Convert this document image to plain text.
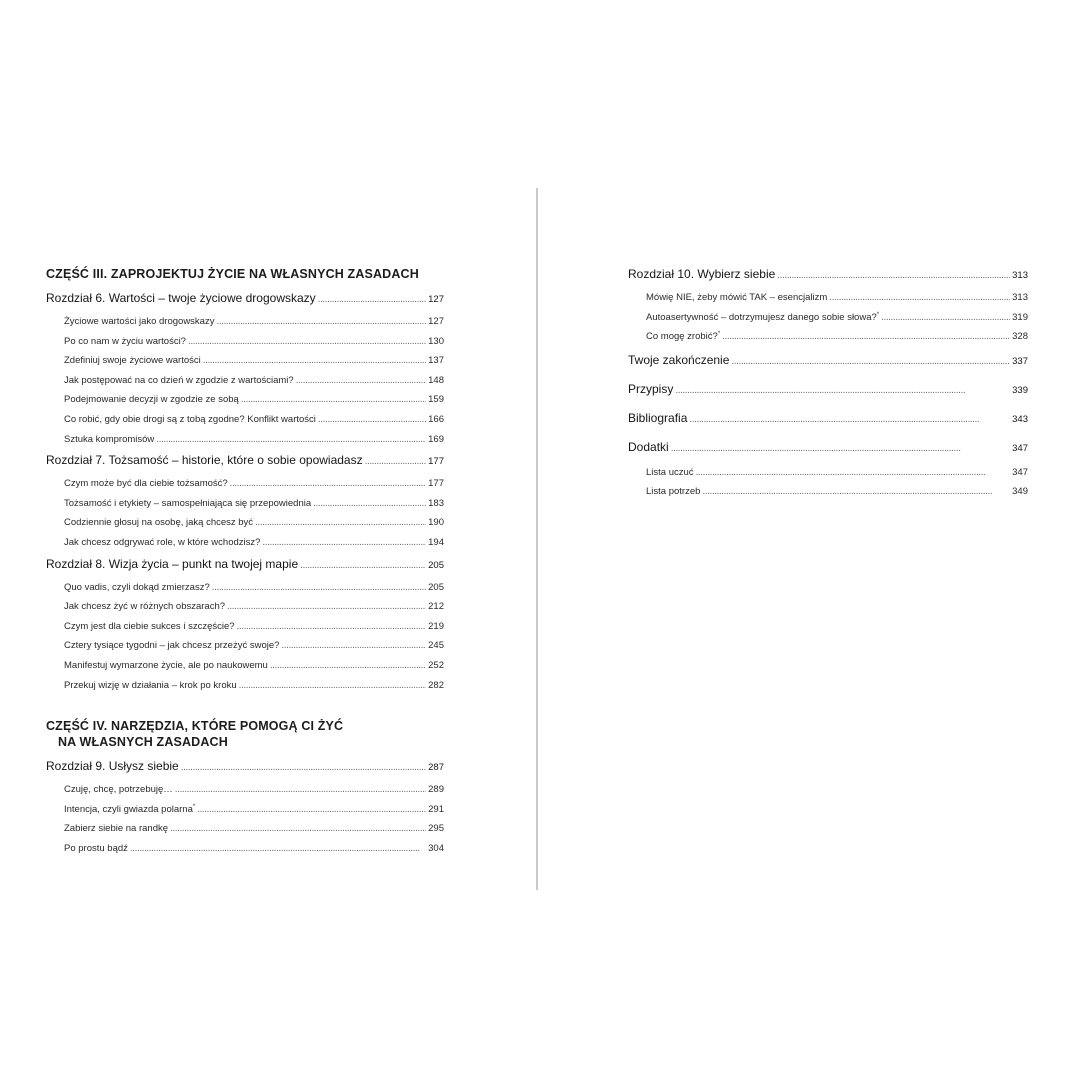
CZĘŚĆ III. ZAPROJEKTUJ ŻYCIE NA WŁASNYCH ZASADACH
Rozdział 6. Wartości – twoje życiowe drogowskazy . . .	127
Życiowe wartości jako drogowskazy . . .	127
Po co nam w życiu wartości? . . .	130
Zdefiniuj swoje życiowe wartości . . .	137
Jak postępować na co dzień w zgodzie z wartościami? . . .	148
Podejmowanie decyzji w zgodzie ze sobą . . .	159
Co robić, gdy obie drogi są z tobą zgodne? Konflikt wartości . . .	166
Sztuka kompromisów . . .	169
Rozdział 7. Tożsamość – historie, które o sobie opowiadasz . . .	177
Czym może być dla ciebie tożsamość? . . .	177
Tożsamość i etykiety – samospełniająca się przepowiednia . . .	183
Codziennie głosuj na osobę, jaką chcesz być . . .	190
Jak chcesz odgrywać role, w które wchodzisz? . . .	194
Rozdział 8. Wizja życia – punkt na twojej mapie . . .	205
Quo vadis, czyli dokąd zmierzasz? . . .	205
Jak chcesz żyć w różnych obszarach? . . .	212
Czym jest dla ciebie sukces i szczęście? . . .	219
Cztery tysiące tygodni – jak chcesz przeżyć swoje? . . .	245
Manifestuj wymarzone życie, ale po naukowemu . . .	252
Przekuj wizję w działania – krok po kroku . . .	282
CZĘŚĆ IV. NARZĘDZIA, KTÓRE POMOGĄ CI ŻYĆ
NA WŁASNYCH ZASADACH
Rozdział 9. Usłysz siebie . . .	287
Czuję, chcę, potrzebuję… . . .	289
Intencja, czyli gwiazda polarna* . . .	291
Zabierz siebie na randkę . . .	295
Po prostu bądź . . .	304
Rozdział 10. Wybierz siebie . . .	313
Mówię NIE, żeby mówić TAK – esencjalizm . . .	313
Autoasertywność – dotrzymujesz danego sobie słowa?* . . .	319
Co mogę zrobić?* . . .	328
Twoje zakończenie . . .	337
Przypisy . . .	339
Bibliografia . . .	343
Dodatki . . .	347
Lista uczuć . . .	347
Lista potrzeb . . .	349
